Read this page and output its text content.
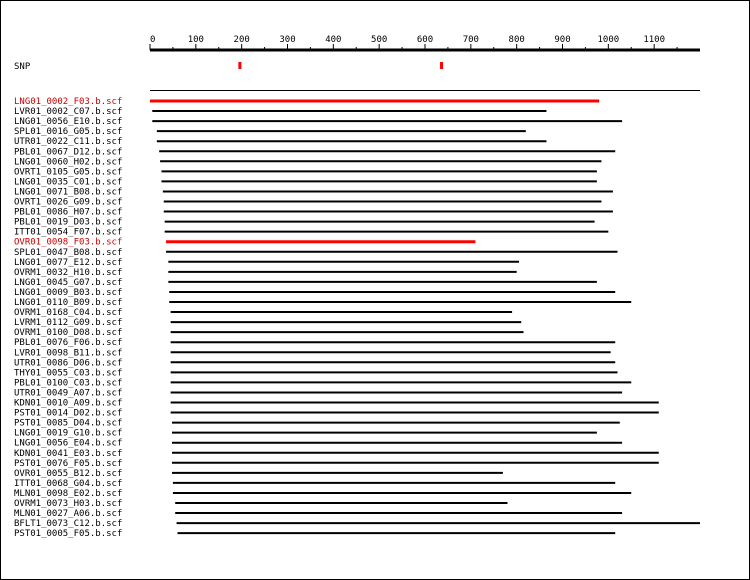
0	100	200	300	400	500	600	700	800	900	1000	1100
SNP
LNG01_0002_F03.b.scf
LVR01_0002_C07.b.scf
LNG01_0056_E10.b.scf
SPL01_0016_G05.b.scf
UTR01_0022_C11.b.scf
PBL01_0067_D12.b.scf
LNG01_0060_H02.b.scf
OVRT1_0105_G05.b.scf
LNG01_0035_C01.b.scf
LNG01_0071_B08.b.scf
OVRT1_0026_G09.b.scf
PBL01_0086_H07.b.scf
PBL01_0019_D03.b.scf
ITT01_0054_F07.b.scf
OVR01_0098_F03.b.scf
SPL01_0047_B08.b.scf
LNG01_0077_E12.b.scf
OVRM1_0032_H10.b.scf
LNG01_0045_G07.b.scf
LNG01_0009_B03.b.scf
LNG01_0110_B09.b.scf
OVRM1_0168_C04.b.scf
LVRM1_0112_G09.b.scf
OVRM1_0100_D08.b.scf
PBL01_0076_F06.b.scf
LVR01_0098_B11.b.scf
UTR01_0086_D06.b.scf
THY01_0055_C03.b.scf
PBL01_0100_C03.b.scf
UTR01_0049_A07.b.scf
KDN01_0010_A09.b.scf
PST01_0014_D02.b.scf
PST01_0085_D04.b.scf
LNG01_0019_G10.b.scf
LNG01_0056_E04.b.scf
KDN01_0041_E03.b.scf
PST01_0076_F05.b.scf
OVR01_0055_B12.b.scf
ITT01_0068_G04.b.scf
MLN01_0098_E02.b.scf
OVRM1_0073_H03.b.scf
MLN01_0027_A06.b.scf
BFLT1_0073_C12.b.scf
PST01_0005_F05.b.scf
